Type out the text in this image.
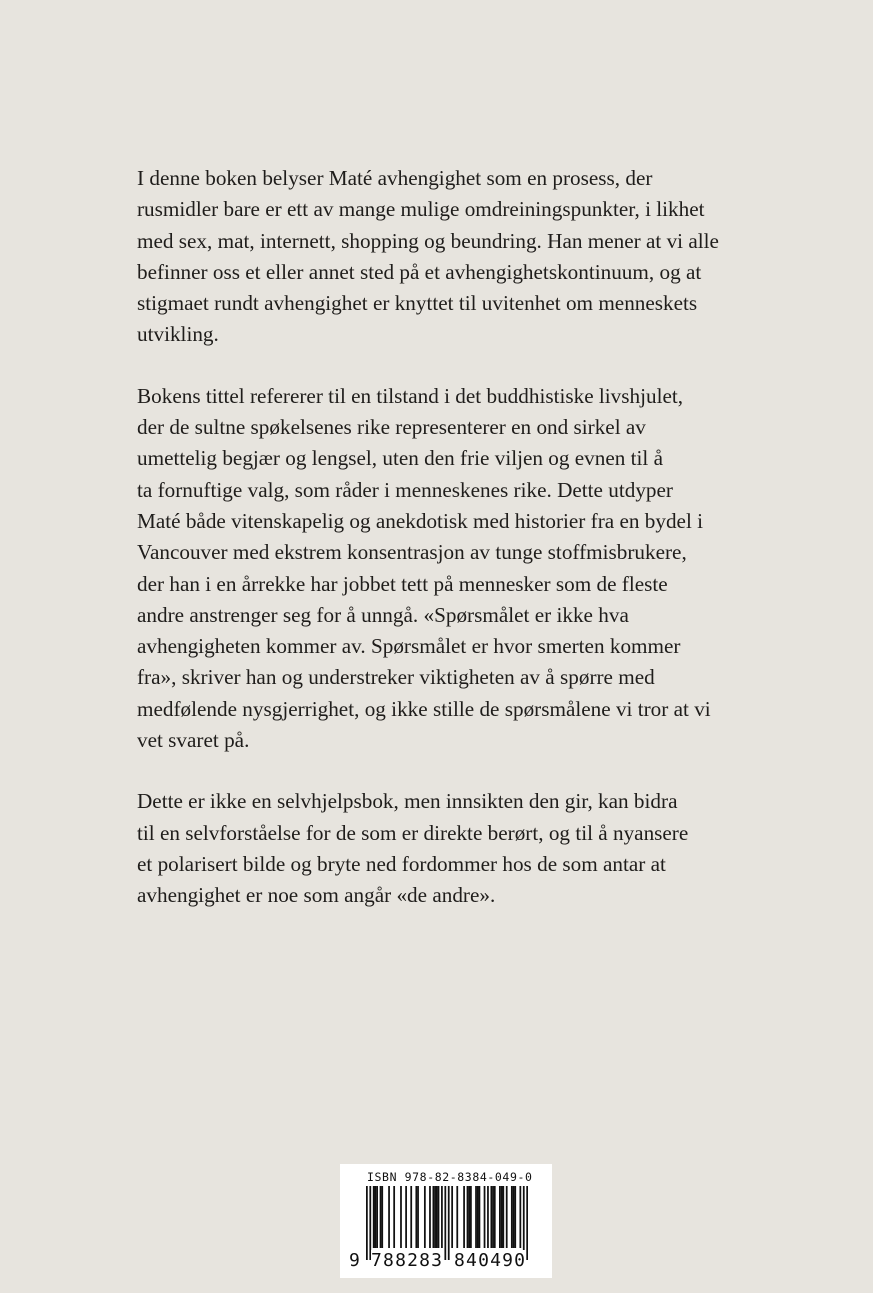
I denne boken belyser Maté avhengighet som en prosess, der
rusmidler bare er ett av mange mulige omdreiningspunkter, i likhet
med sex, mat, internett, shopping og beundring. Han mener at vi alle
befinner oss et eller annet sted på et avhengighetskontinuum, og at
stigmaet rundt avhengighet er knyttet til uvitenhet om menneskets
utvikling.

Bokens tittel refererer til en tilstand i det buddhistiske livshjulet,
der de sultne spøkelsenes rike representerer en ond sirkel av
umettelig begjær og lengsel, uten den frie viljen og evnen til å
ta fornuftige valg, som råder i menneskenes rike. Dette utdyper
Maté både vitenskapelig og anekdotisk med historier fra en bydel i
Vancouver med ekstrem konsentrasjon av tunge stoffmisbrukere,
der han i en årrekke har jobbet tett på mennesker som de fleste
andre anstrenger seg for å unngå. «Spørsmålet er ikke hva
avhengigheten kommer av. Spørsmålet er hvor smerten kommer
fra», skriver han og understreker viktigheten av å spørre med
medfølende nysgjerrighet, og ikke stille de spørsmålene vi tror at vi
vet svaret på.

Dette er ikke en selvhjelpsbok, men innsikten den gir, kan bidra
til en selvforståelse for de som er direkte berørt, og til å nyansere
et polarisert bilde og bryte ned fordommer hos de som antar at
avhengighet er noe som angår «de andre».

ISBN 978-82-8384-049-0
9 788283 840490
